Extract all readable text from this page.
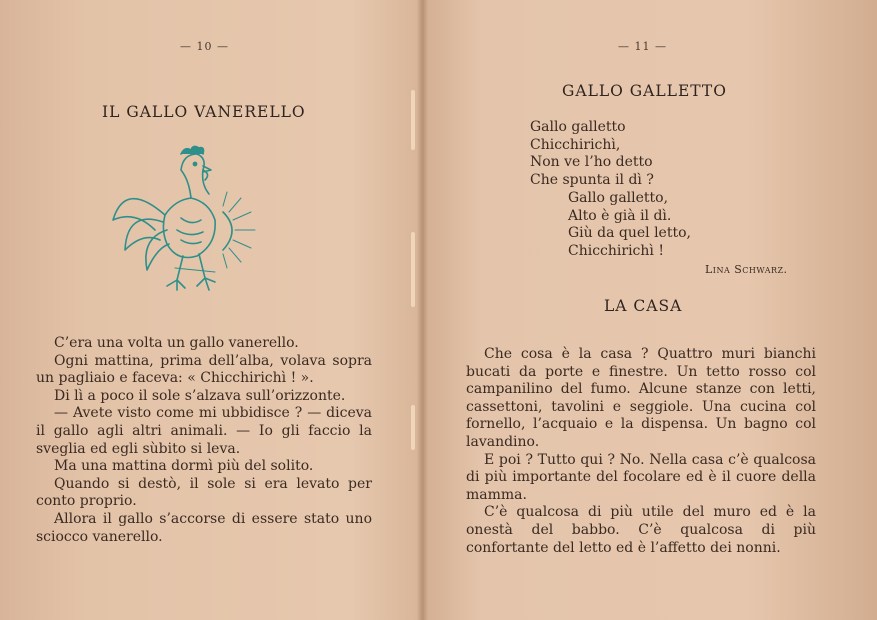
— 10 —
IL GALLO VANERELLO

C’era una volta un gallo vanerello.

Ogni mattina, prima dell’alba, volava sopra un pagliaio e faceva: « Chicchirichì ! ».

Di lì a poco il sole s’alzava sull’orizzonte.

— Avete visto come mi ubbidisce ? — diceva il gallo agli altri animali. — Io gli faccio la sveglia ed egli sùbito si leva.

Ma una mattina dormì più del solito.

Quando si destò, il sole si era levato per conto proprio.

Allora il gallo s’accorse di essere stato uno sciocco vanerello.

— 11 —
GALLO GALLETTO
Gallo galletto
Chicchirichì,
Non ve l’ho detto
Che spunta il dì ?
Gallo galletto,
Alto è già il dì.
Giù da quel letto,
Chicchirichì !
Lina Schwarz.
LA CASA

Che cosa è la casa ? Quattro muri bianchi bucati da porte e finestre. Un tetto rosso col campanilino del fumo. Alcune stanze con letti, cassettoni, tavolini e seggiole. Una cucina col fornello, l’acquaio e la dispensa. Un bagno col lavandino.

E poi ? Tutto qui ? No. Nella casa c’è qualcosa di più importante del focolare ed è il cuore della mamma.

C’è qualcosa di più utile del muro ed è la onestà del babbo. C’è qualcosa di più confortante del letto ed è l’affetto dei nonni.
